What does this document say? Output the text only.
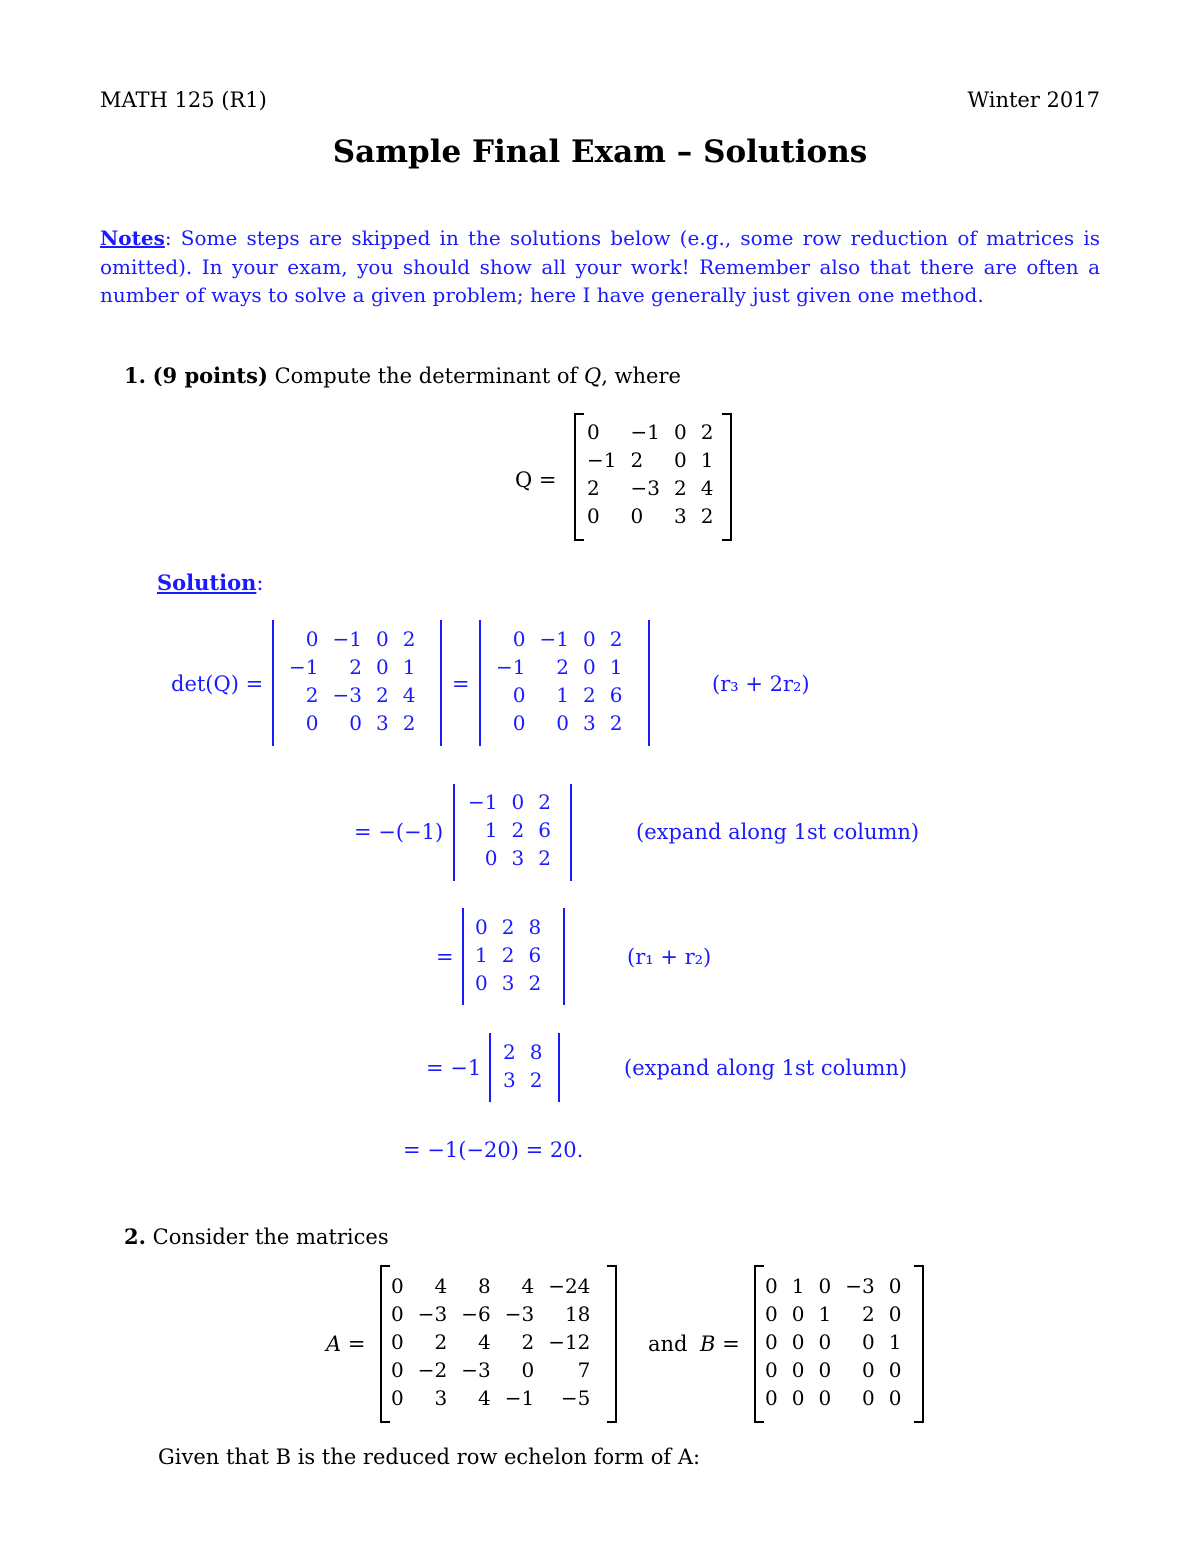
MATH 125 (R1)	Winter 2017
Sample Final Exam – Solutions
Notes: Some steps are skipped in the solutions below (e.g., some row reduction of matrices is
omitted). In your exam, you should show all your work! Remember also that there are often a
number of ways to solve a given problem; here I have generally just given one method.
1. (9 points) Compute the determinant of Q, where
Q =
0	−1	0	2
−1	2	0	1
2	−3	2	4
0	0	3	2
Solution:
det(Q) =
0	−1	0	2
−1	2	0	1
2	−3	2	4
0	0	3	2
=
0	−1	0	2
−1	2	0	1
0	1	2	6
0	0	3	2
(r₃ + 2r₂)
= −(−1)
−1	0	2
1	2	6
0	3	2
(expand along 1st column)
=
0	2	8
1	2	6
0	3	2
(r₁ + r₂)
= −1
2	8
3	2	(expand along 1st column)
= −1(−20) = 20.
2. Consider the matrices
A =
0	4	8	4	−24
0	−3	−6	−3	18
0	2	4	2	−12
0	−2	−3	0	7
0	3	4	−1	−5
and B =
0	1	0	−3	0
0	0	1	2	0
0	0	0	0	1
0	0	0	0	0
0	0	0	0	0
Given that B is the reduced row echelon form of A:
